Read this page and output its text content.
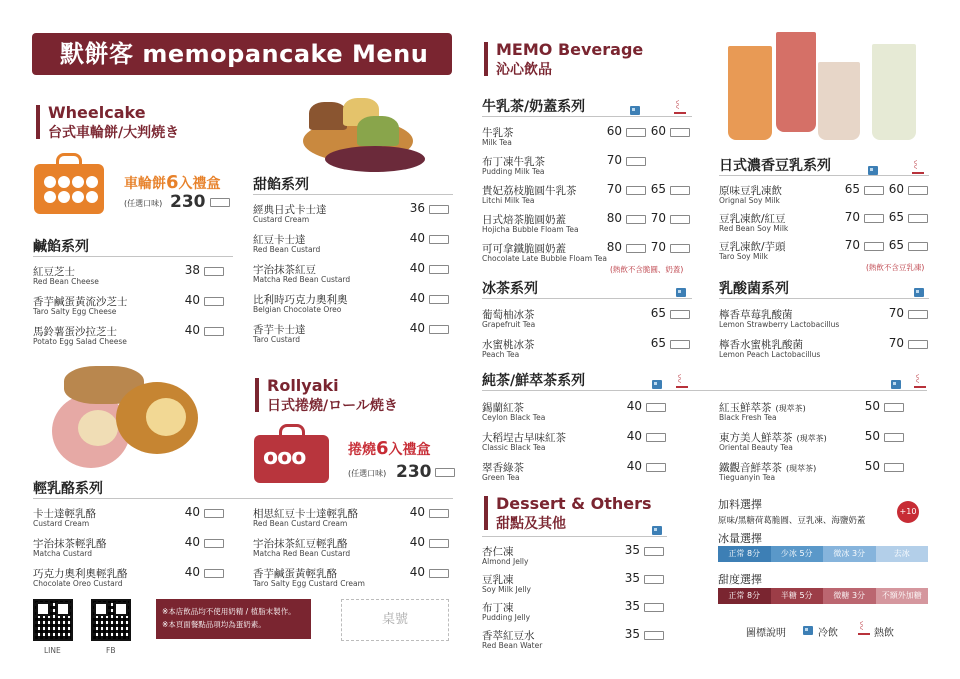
默餅客 memopancake Menu
Wheelcake
台式車輪餅/大判焼き
車輪餅6入禮盒
(任選口味) 230
鹹餡系列
紅豆芝士
Red Bean Cheese
38
香芋鹹蛋黃流沙芝士
Taro Salty Egg Cheese
40
馬鈴薯蛋沙拉芝士
Potato Egg Salad Cheese
40
甜餡系列
經典日式卡士達
Custard Cream
36
紅豆卡士達
Red Bean Custard
40
宇治抹茶紅豆
Matcha Red Bean Custard
40
比利時巧克力奧利奧
Belgian Chocolate Oreo
40
香芋卡士達
Taro Custard
40
Rollyaki
日式捲燒/ロール焼き
ooo	捲燒6入禮盒
(任選口味) 230
輕乳酪系列
卡士達輕乳酪
Custard Cream
40
宇治抹茶輕乳酪
Matcha Custard
40
巧克力奧利奧輕乳酪
Chocolate Oreo Custard
40
相思紅豆卡士達輕乳酪
Red Bean Custard Cream
40
宇治抹茶紅豆輕乳酪
Matcha Red Bean Custard
40
香芋鹹蛋黃輕乳酪
Taro Salty Egg Custard Cream
40
LINE	FB
※本店飲品均不使用奶精 / 植脂末製作。
※本頁面餐點品項均為蛋奶素。	桌號
MEMO Beverage
沁心飲品
牛乳茶/奶蓋系列
〰
牛乳茶
Milk Tea
60	60
布丁凍牛乳茶
Pudding Milk Tea
70
貴妃荔枝脆圓牛乳茶
Litchi Milk Tea
70	65
日式焙茶脆圓奶蓋
Hojicha Bubble Floam Tea
80	70
可可拿鐵脆圓奶蓋
Chocolate Late Bubble Floam Tea
80	70
(熱飲不含脆圓、奶蓋)
冰茶系列
葡萄柚冰茶
Grapefruit Tea
65
水蜜桃冰茶
Peach Tea
65
純茶/鮮萃茶系列
〰
〰
錫蘭紅茶
Ceylon Black Tea
40
大稻埕古早味紅茶
Classic Black Tea
40
翠香綠茶
Green Tea
40
紅玉鮮萃茶 (現萃茶)
Black Fresh Tea
50
東方美人鮮萃茶 (現萃茶)
Oriental Beauty Tea
50
鐵觀音鮮萃茶 (現萃茶)
Tieguanyin Tea
50
日式濃香豆乳系列
〰
原味豆乳凍飲
Orignal Soy Milk
65	60
豆乳凍飲/紅豆
Red Bean Soy Milk
70	65
豆乳凍飲/芋頭
Taro Soy Milk
70	65
(熱飲不含豆乳凍)
乳酸菌系列
檸香草莓乳酸菌
Lemon Strawberry Lactobacillus
70
檸香水蜜桃乳酸菌
Lemon Peach Lactobacillus
70
Dessert & Others
甜點及其他
杏仁凍
Almond Jelly
35
豆乳凍
Soy Milk Jelly
35
布丁凍
Pudding Jelly
35
香萃紅豆水
Red Bean Water
35
加料選擇
原味/黑糖荷葛脆圓、豆乳凍、海鹽奶蓋
+10
冰量選擇
正常 8分	少冰 5分	微冰 3分	去冰
甜度選擇
正常 8分	半糖 5分	微糖 3分	不額外加糖
圖標說明	冷飲 〰	熱飲
